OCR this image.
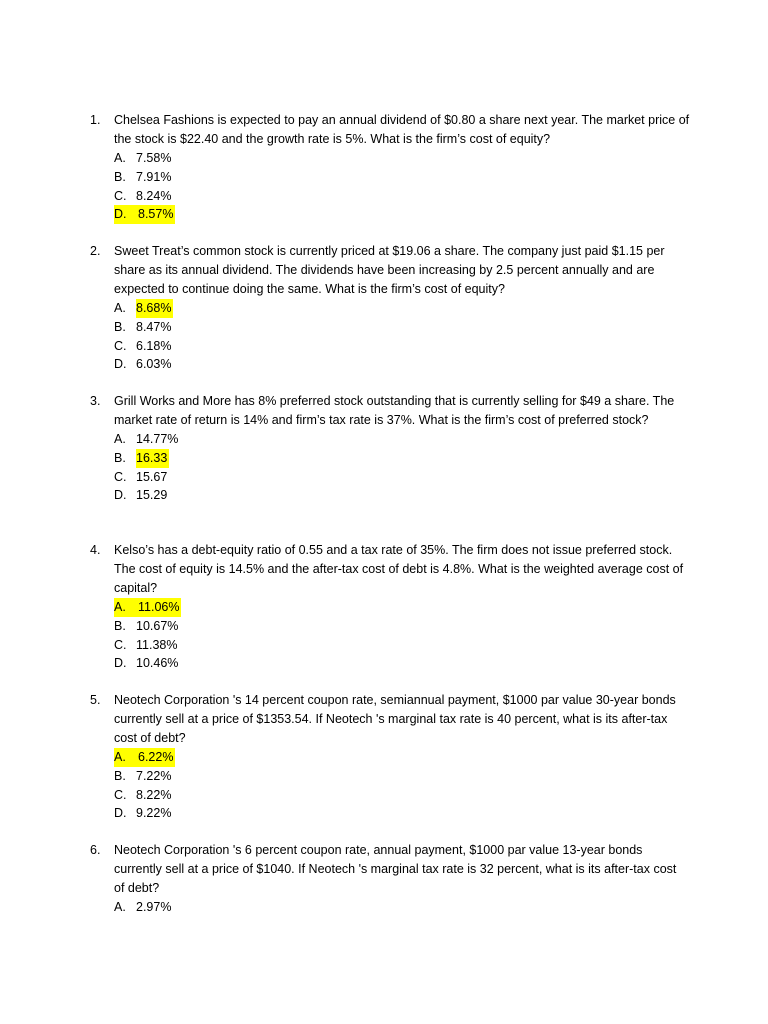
1.	Chelsea Fashions is expected to pay an annual dividend of $0.80 a share next year. The market price of the stock is $22.40 and the growth rate is 5%. What is the firm’s cost of equity?
A. 7.58%
B. 7.91%
C. 8.24%
D. 8.57%
2.	Sweet Treat’s common stock is currently priced at $19.06 a share. The company just paid $1.15 per share as its annual dividend. The dividends have been increasing by 2.5 percent annually and are expected to continue doing the same. What is the firm’s cost of equity?
A. 8.68%
B. 8.47%
C. 6.18%
D. 6.03%
3.	Grill Works and More has 8% preferred stock outstanding that is currently selling for $49 a share. The market rate of return is 14% and firm’s tax rate is 37%. What is the firm’s cost of preferred stock?
A. 14.77%
B. 16.33
C. 15.67
D. 15.29
4.	Kelso’s has a debt-equity ratio of 0.55 and a tax rate of 35%. The firm does not issue preferred stock. The cost of equity is 14.5% and the after-tax cost of debt is 4.8%. What is the weighted average cost of capital?
A. 11.06%
B. 10.67%
C. 11.38%
D. 10.46%
5.	Neotech Corporation 's 14 percent coupon rate, semiannual payment, $1000 par value 30-year bonds currently sell at a price of $1353.54. If Neotech 's marginal tax rate is 40 percent, what is its after-tax cost of debt?
A. 6.22%
B. 7.22%
C. 8.22%
D. 9.22%
6.	Neotech Corporation 's 6 percent coupon rate, annual payment, $1000 par value 13-year bonds currently sell at a price of $1040. If Neotech 's marginal tax rate is 32 percent, what is its after-tax cost of debt?
A. 2.97%
